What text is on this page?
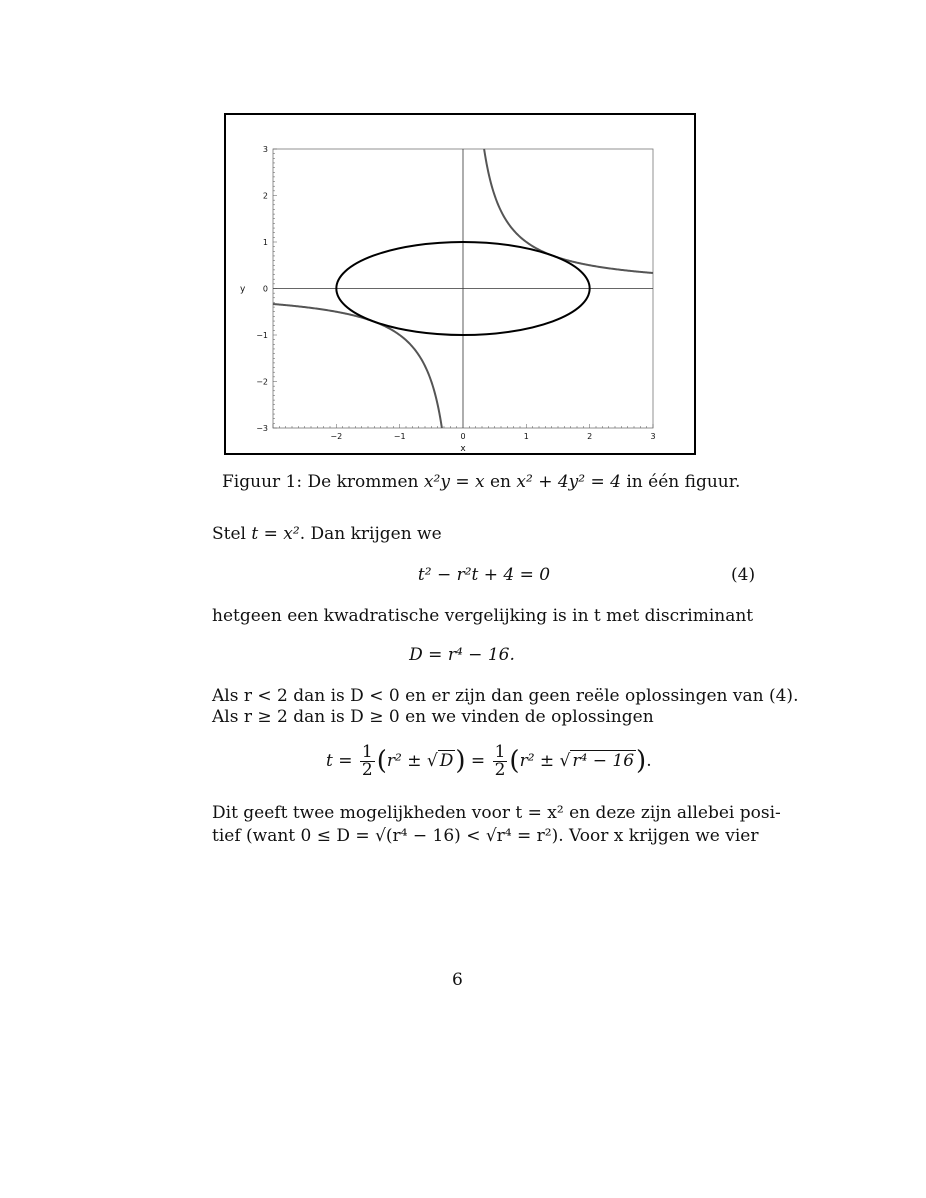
−2	−1	0	1	2	3
3
2
1
0
−1
−2
−3
x
y
Figuur 1: De krommen x²y = x en x² + 4y² = 4 in één figuur.
Stel t = x². Dan krijgen we
t² − r²t + 4 = 0	(4)
hetgeen een kwadratische vergelijking is in t met discriminant
D = r⁴ − 16.
Als r < 2 dan is D < 0 en er zijn dan geen reële oplossingen van (4).
Als r ≥ 2 dan is D ≥ 0 en we vinden de oplossingen
$t = \frac{1}{2} (r^2$ ± √ $D) = \frac{1}{2} (r^2$ ± √ r⁴ − 16).
Dit geeft twee mogelijkheden voor t = x² en deze zijn allebei posi-
tief (want 0 ≤ D = √(r⁴ − 16) < √r⁴ = r²). Voor x krijgen we vier
6
